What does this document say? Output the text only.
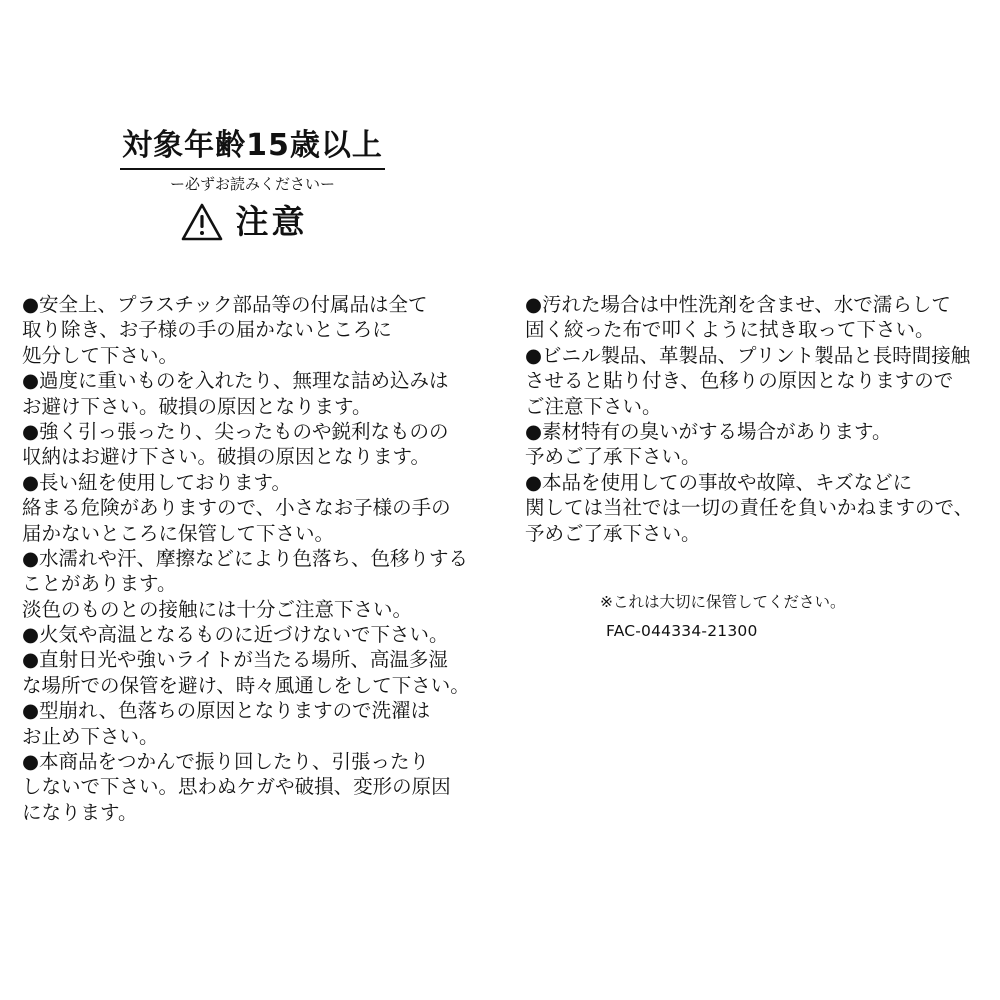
対象年齢15歳以上
ー必ずお読みくださいー
注意
●安全上、プラスチック部品等の付属品は全て
取り除き、お子様の手の届かないところに
処分して下さい。
●過度に重いものを入れたり、無理な詰め込みは
お避け下さい。破損の原因となります。
●強く引っ張ったり、尖ったものや鋭利なものの
収納はお避け下さい。破損の原因となります。
●長い紐を使用しております。
絡まる危険がありますので、小さなお子様の手の
届かないところに保管して下さい。
●水濡れや汗、摩擦などにより色落ち、色移りする
ことがあります。
淡色のものとの接触には十分ご注意下さい。
●火気や高温となるものに近づけないで下さい。
●直射日光や強いライトが当たる場所、高温多湿
な場所での保管を避け、時々風通しをして下さい。
●型崩れ、色落ちの原因となりますので洗濯は
お止め下さい。
●本商品をつかんで振り回したり、引張ったり
しないで下さい。思わぬケガや破損、変形の原因
になります。
●汚れた場合は中性洗剤を含ませ、水で濡らして
固く絞った布で叩くように拭き取って下さい。
●ビニル製品、革製品、プリント製品と長時間接触
させると貼り付き、色移りの原因となりますので
ご注意下さい。
●素材特有の臭いがする場合があります。
予めご了承下さい。
●本品を使用しての事故や故障、キズなどに
関しては当社では一切の責任を負いかねますので、
予めご了承下さい。
※これは大切に保管してください。
FAC-044334-21300
